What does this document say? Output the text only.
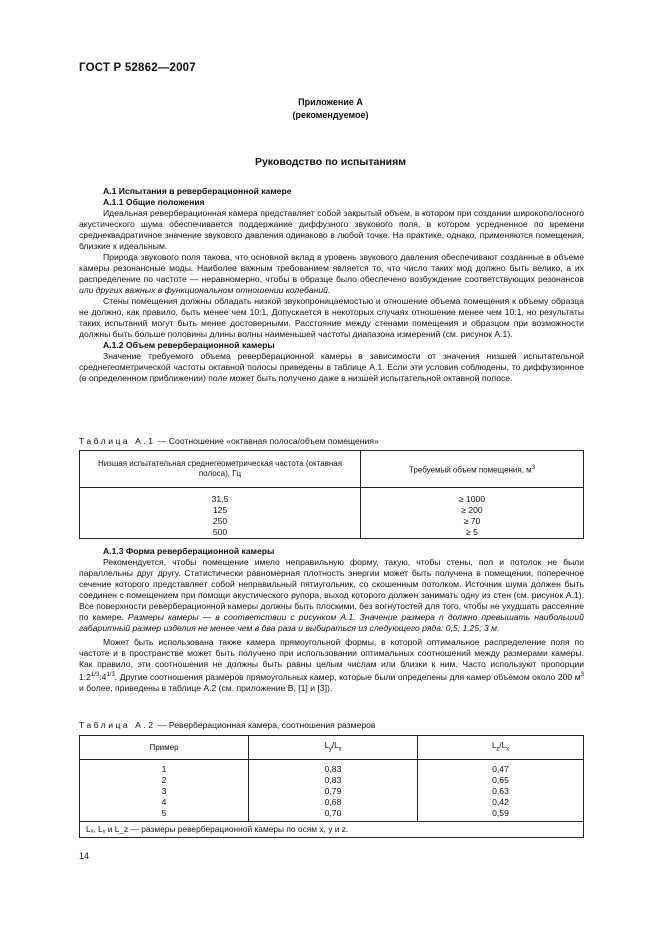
ГОСТ Р 52862—2007
Приложение А
(рекомендуемое)
Руководство по испытаниям

А.1 Испытания в реверберационной камере

А.1.1 Общие положения

Идеальная реверберационная камера представляет собой закрытый объем, в котором при создании широкополосного акустического шума обеспечивается поддержание диффузного звукового поля, в котором усредненное по времени среднеквадратичное значение звукового давления одинаково в любой точке. На практике, однако, применяются помещения, близкие к идеальным.

Природа звукового поля такова, что основной вклад в уровень звукового давления обеспечивают созданные в объеме камеры резонансные моды. Наиболее важным требованием является то, что число таких мод должно быть велико, а их распределение по частоте — неравномерно, чтобы в образце было обеспечено возбуждение соответствующих резонансов или других важных в функциональном отношении колебаний.

Стены помещения должны обладать низкой звукопроницаемостью и отношение объема помещения к объему образца не должно, как правило, быть менее чем 10:1. Допускается в некоторых случаях отношение менее чем 10:1, но результаты таких испытаний могут быть менее достоверными. Расстояние между стенами помещения и образцом при возможности должны быть больше половины длины волны наименьшей частоты диапазона измерений (см. рисунок А.1).

А.1.2 Объем реверберационной камеры

Значение требуемого объема реверберационной камеры в зависимости от значения низшей испытательной среднегеометрической частоты октавной полосы приведены в таблице А.1. Если эти условия соблюдены, то диффузионное (в определенном приближении) поле может быть получено даже в низшей испытательной октавной полосе.

Таблица А.1 — Соотношение «октавная полоса/объем помещения»
Низшая испытательная среднегеометрическая частота (октавная полоса), Гц	Требуемый объем помещения, $м^3$

31,5	≥ 1000
125	≥ 200
250	≥ 70
500	≥ 5

А.1.3 Форма реверберационной камеры

Рекомендуется, чтобы помещение имело неправильную форму, такую, чтобы стены, пол и потолок не были параллельны друг другу. Статистически равномерная плотность энергии может быть получена в помещении, поперечное сечение которого представляет собой неправильный пятиугольник, со скошенным потолком. Источник шума должен быть соединен с помещением при помощи акустического рупора, выход которого должен занимать одну из стен (см. рисунок А.1). Все поверхности реверберационной камеры должны быть плоскими, без вогнутостей для того, чтобы не ухудшать рассеяние по камере. Размеры камеры — в соответствии с рисунком А.1. Значение размера n должно превышать наибольший габаритный размер изделия не менее чем в два раза и выбираться из следующего ряда: 0,5; 1,25; 3 м.

Может быть использована также камера прямоугольной формы, в которой оптимальное распределение поля по частоте и в пространстве может быть получено при использовании оптимальных соотношений между размерами камеры. Как правило, эти соотношения не должны быть равны целым числам или близки к ним. Часто используют пропорции $1:2^{1/3}:4^{1/3}$. Другие соотношения размеров прямоугольных камер, которые были определены для камер объемом около 200 $м^3$ и более, приведены в таблице А.2 (см. приложение В, [1] и [3]).

Таблица А.2 — Реверберационная камера, соотношения размеров
Пример	$L_y/L_x$	$L_z/L_x$

1	0,83	0,47
2	0,83	0,65
3	0,79	0,63
4	0,68	0,42
5	0,70	0,59
Lₓ, Lᵧ и L_z — размеры реверберационной камеры по осям x, y и z.		
14
